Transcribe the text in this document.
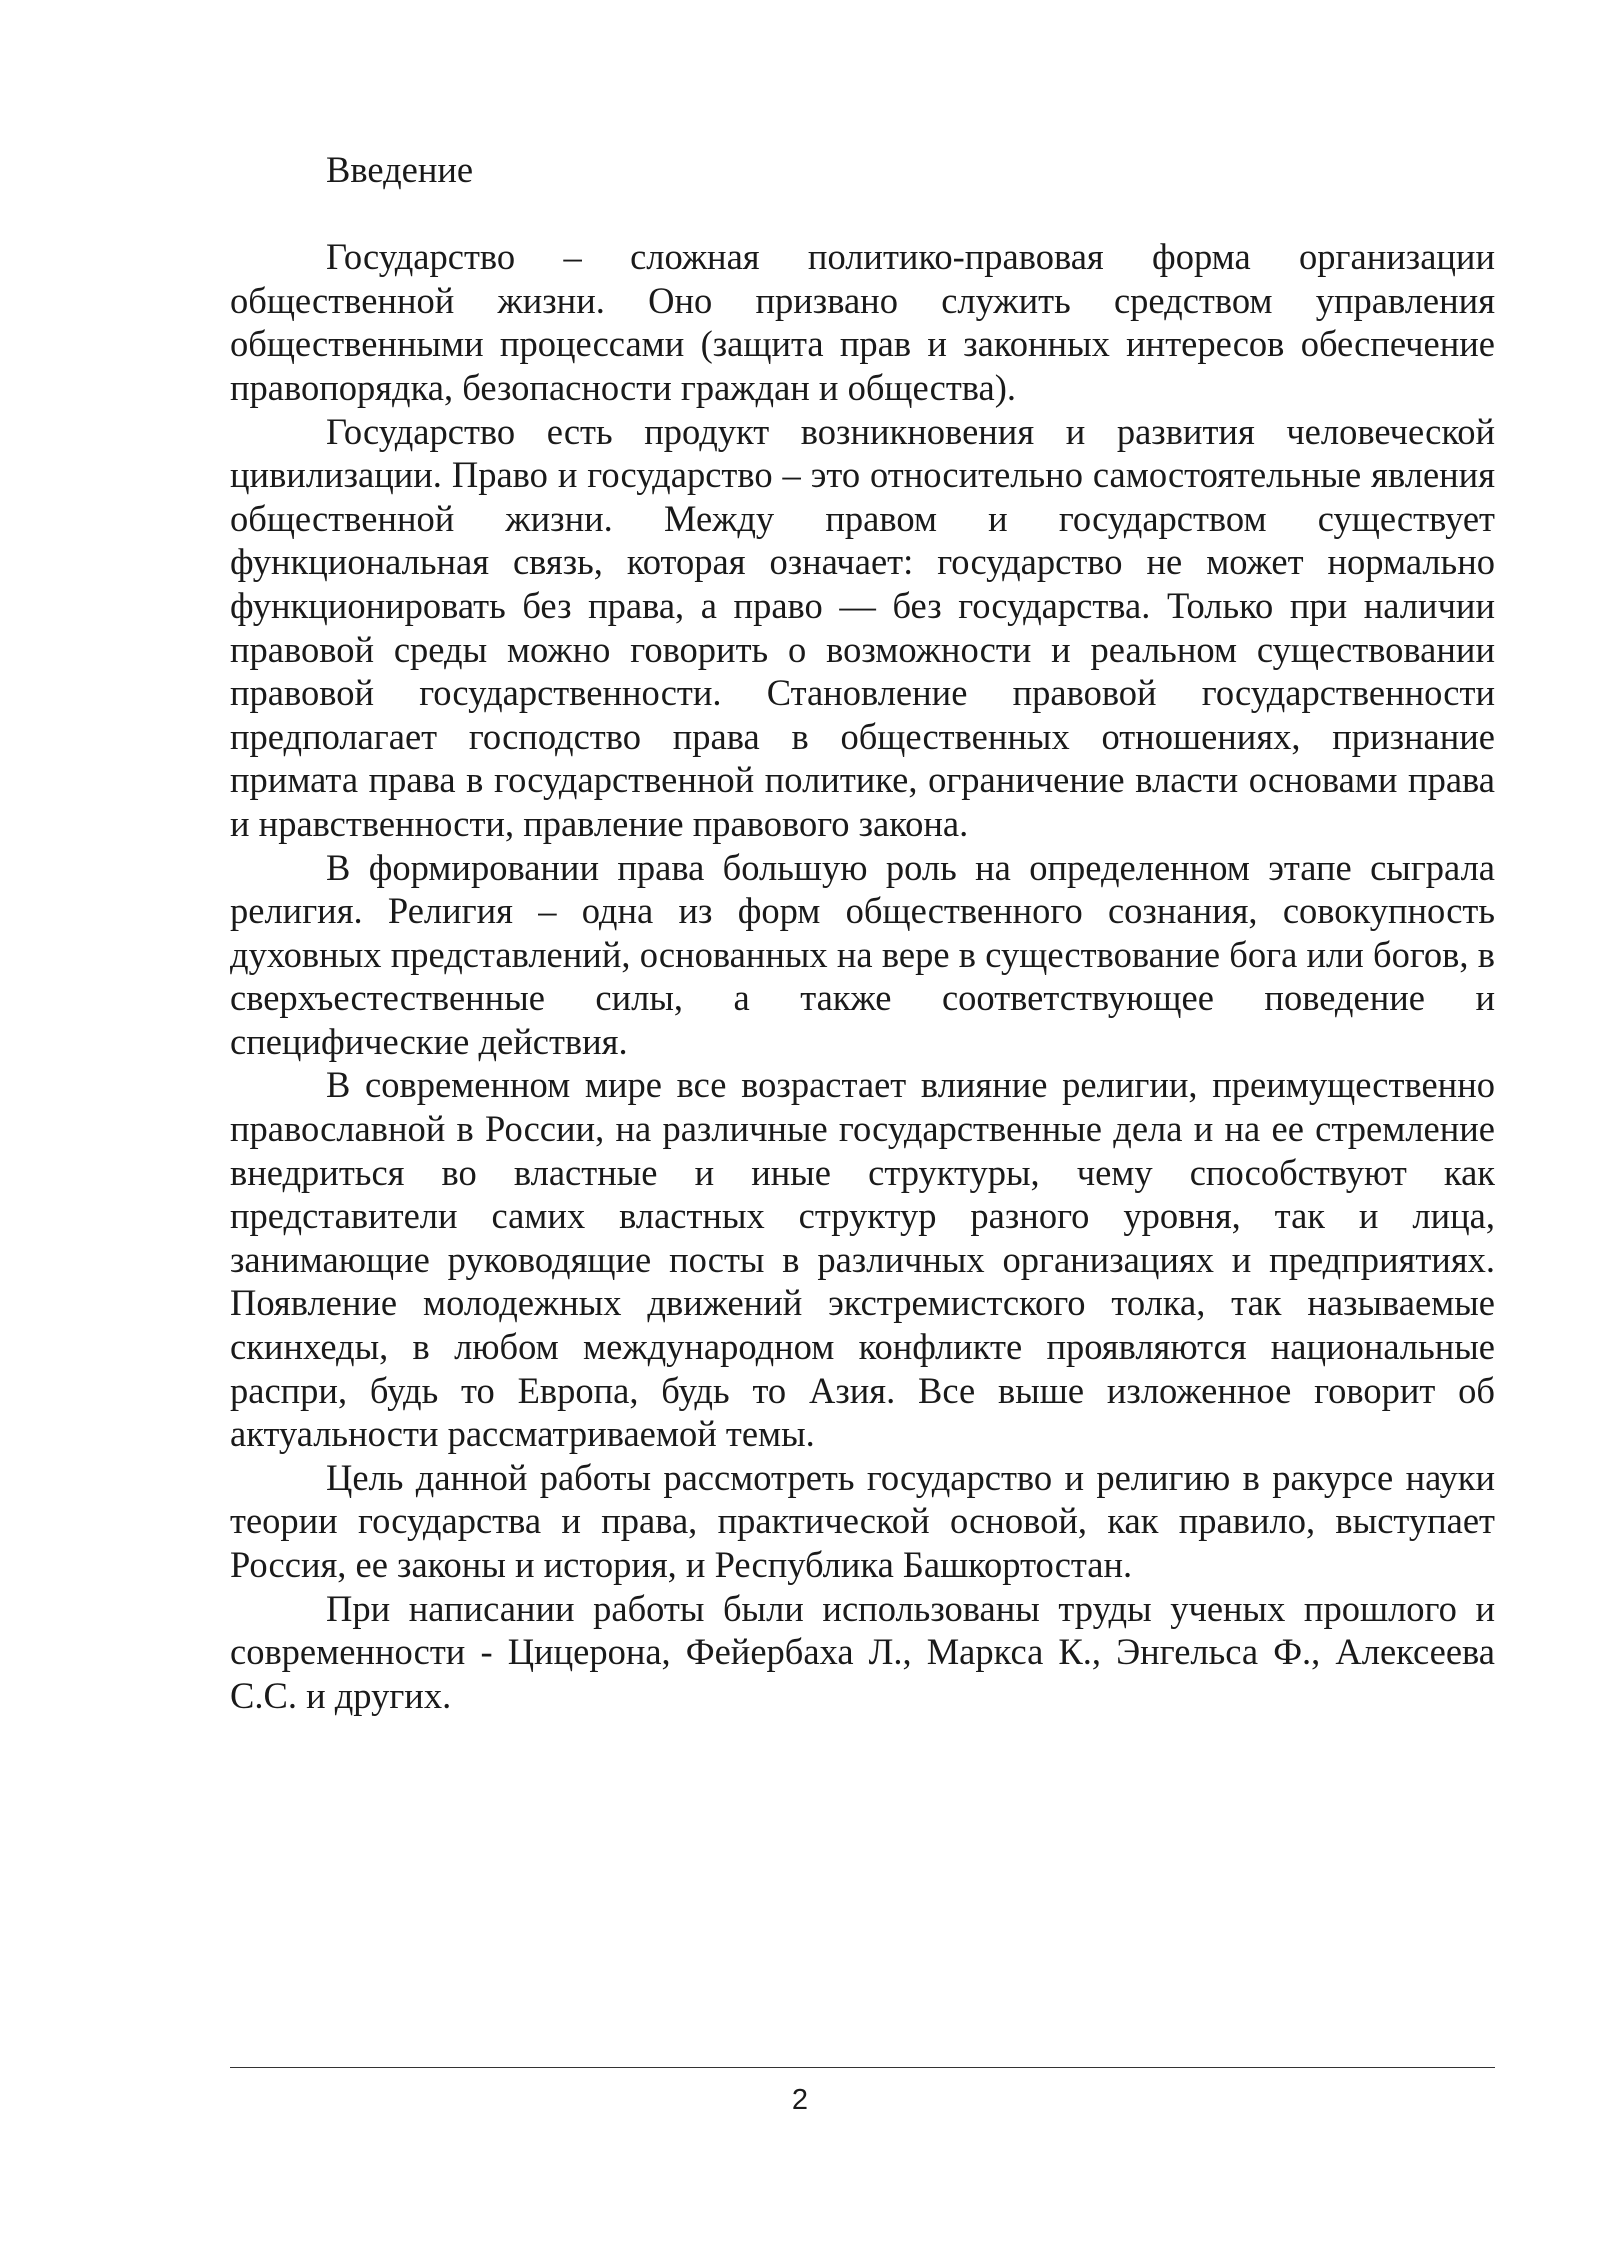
Введение

Государство – сложная политико-правовая форма организации общественной жизни. Оно призвано служить средством управления общественными процессами (защита прав и законных интересов обеспечение правопорядка, безопасности граждан и общества).

Государство есть продукт возникновения и развития человеческой цивилизации. Право и государство – это относительно самостоятельные явления общественной жизни. Между правом и государством существует функциональная связь, которая означает: государство не может нормально функционировать без права, а право — без государства. Только при наличии правовой среды можно говорить о возможности и реальном существовании правовой государственности. Становление правовой государственности предполагает господство права в общественных отношениях, признание примата права в государственной политике, ограничение власти основами права и нравственности, правление правового закона.

В формировании права большую роль на определенном этапе сыграла религия. Религия – одна из форм общественного сознания, совокупность духовных представлений, основанных на вере в существование бога или богов, в сверхъестественные силы, а также соответствующее поведение и специфические действия.

В современном мире все возрастает влияние религии, преимущественно православной в России, на различные государственные дела и на ее стремление внедриться во властные и иные структуры, чему способствуют как представители самих властных структур разного уровня, так и лица, занимающие руководящие посты в различных организациях и предприятиях. Появление молодежных движений экстремистского толка, так называемые скинхеды, в любом международном конфликте проявляются национальные распри, будь то Европа, будь то Азия. Все выше изложенное говорит об актуальности рассматриваемой темы.

Цель данной работы рассмотреть государство и религию в ракурсе науки теории государства и права, практической основой, как правило, выступает Россия, ее законы и история, и Республика Башкортостан.

При написании работы были использованы труды ученых прошлого и современности - Цицерона, Фейербаха Л., Маркса К., Энгельса Ф., Алексеева С.С. и других.

2
